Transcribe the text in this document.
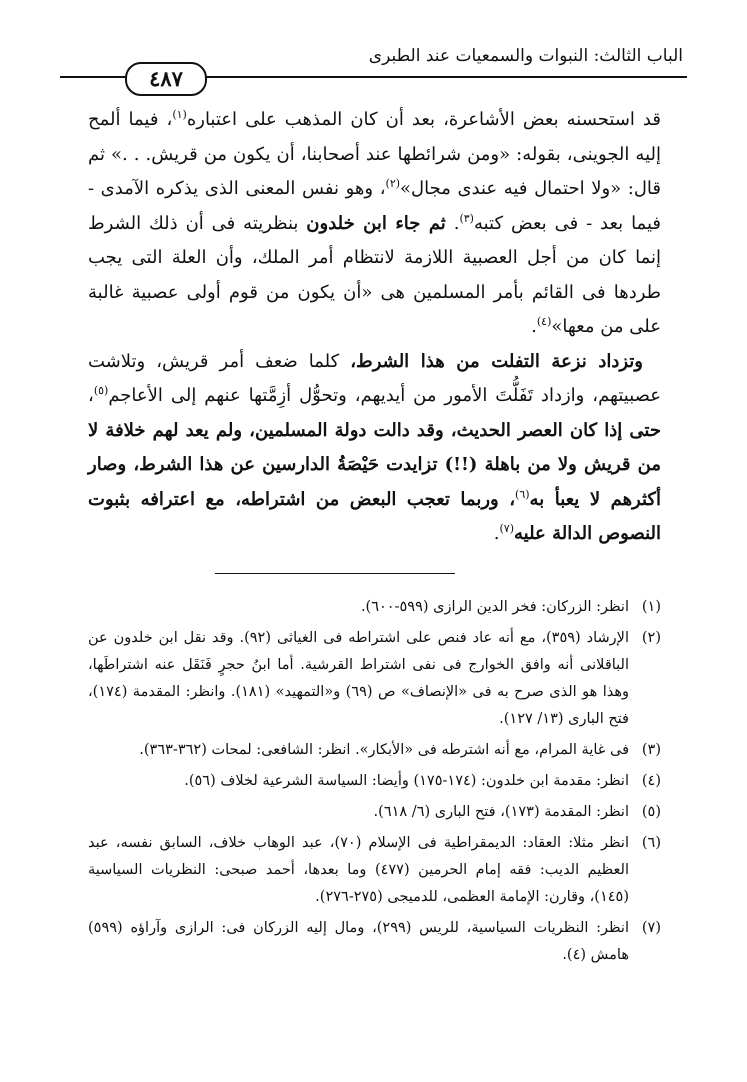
الباب الثالث: النبوات والسمعيات عند الطبرى
٤٨٧

قد استحسنه بعض الأشاعرة، بعد أن كان المذهب على اعتباره$^{(١)}$، فيما ألمح إليه الجوينى، بقوله: «ومن شرائطها عند أصحابنا، أن يكون من قريش. . .» ثم قال: «ولا احتمال فيه عندى مجال»$^{(٢)}$، وهو نفس المعنى الذى يذكره الآمدى - فيما بعد - فى بعض كتبه$^{(٣)}$. ثم جاء ابن خلدون بنظريته فى أن ذلك الشرط إنما كان من أجل العصبية اللازمة لانتظام أمر الملك، وأن العلة التى يجب طردها فى القائم بأمر المسلمين هى «أن يكون من قوم أولى عصبية غالبة على من معها»$^{(٤)}$.

وتزداد نزعة التفلت من هذا الشرط، كلما ضعف أمر قريش، وتلاشت عصبيتهم، وازداد تَفَلُّتَ الأمور من أيديهم، وتحوُّل أزِمَّتها عنهم إلى الأعاجم$^{(٥)}$، حتى إذا كان العصر الحديث، وقد دالت دولة المسلمين، ولم يعد لهم خلافة لا من قريش ولا من باهلة (!!) تزايدت حَيْصَةُ الدارسين عن هذا الشرط، وصار أكثرهم لا يعبأ به$^{(٦)}$، وربما تعجب البعض من اشتراطه، مع اعترافه بثبوت النصوص الدالة عليه$^{(٧)}$.

(١)
انظر: الزركان: فخر الدين الرازى (٥٩٩-٦٠٠).
(٢)
الإرشاد (٣٥٩)، مع أنه عاد فنص على اشتراطه فى الغياثى (٩٢). وقد نقل ابن خلدون عن الباقلانى أنه وافق الخوارج فى نفى اشتراط القرشية. أما ابنُ حجرٍ فَنَقَل عنه اشتراطَها، وهذا هو الذى صرح به فى «الإنصاف» ص (٦٩) و«التمهيد» (١٨١). وانظر: المقدمة (١٧٤)، فتح البارى (١٣/ ١٢٧).
(٣)
فى غاية المرام، مع أنه اشترطه فى «الأبكار». انظر: الشافعى: لمحات (٣٦٢-٣٦٣).
(٤)
انظر: مقدمة ابن خلدون: (١٧٤-١٧٥) وأيضا: السياسة الشرعية لخلاف (٥٦).
(٥)
انظر: المقدمة (١٧٣)، فتح البارى (٦/ ٦١٨).
(٦)
انظر مثلا: العقاد: الديمقراطية فى الإسلام (٧٠)، عبد الوهاب خلاف، السابق نفسه، عبد العظيم الديب: فقه إمام الحرمين (٤٧٧) وما بعدها، أحمد صبحى: النظريات السياسية (١٤٥)، وقارن: الإمامة العظمى، للدميجى (٢٧٥-٢٧٦).
(٧)
انظر: النظريات السياسية، للريس (٢٩٩)، ومال إليه الزركان فى: الرازى وآراؤه (٥٩٩) هامش (٤).
